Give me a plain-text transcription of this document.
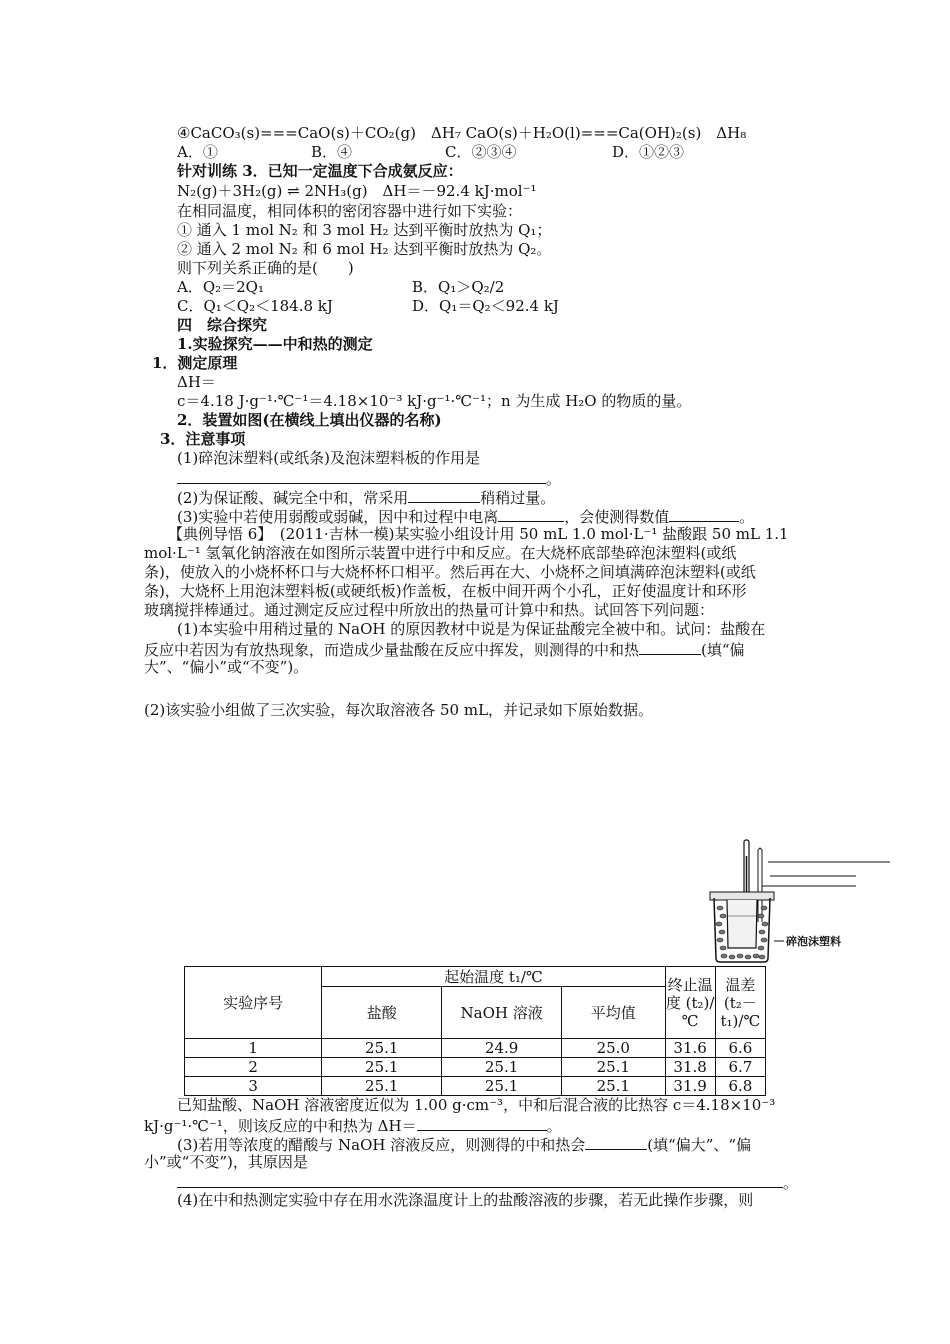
④CaCO₃(s)===CaO(s)＋CO₂(g)　ΔH₇ CaO(s)＋H₂O(l)===Ca(OH)₂(s)　ΔH₈
A．①	B．④	C．②③④	D．①②③
针对训练 3．已知一定温度下合成氨反应：
N₂(g)＋3H₂(g) ⇌ 2NH₃(g)　ΔH＝－92.4 kJ·mol⁻¹
在相同温度，相同体积的密闭容器中进行如下实验：
① 通入 1 mol N₂ 和 3 mol H₂ 达到平衡时放热为 Q₁；
② 通入 2 mol N₂ 和 6 mol H₂ 达到平衡时放热为 Q₂。
则下列关系正确的是(　　)
A．Q₂＝2Q₁	B．Q₁＞Q₂/2
C．Q₁＜Q₂＜184.8 kJ	D．Q₁＝Q₂＜92.4 kJ
四　综合探究
1.实验探究——中和热的测定
1．测定原理
ΔH＝
c＝4.18 J·g⁻¹·℃⁻¹＝4.18×10⁻³ kJ·g⁻¹·℃⁻¹；n 为生成 H₂O 的物质的量。
2．装置如图(在横线上填出仪器的名称)
3．注意事项
(1)碎泡沫塑料(或纸条)及泡沫塑料板的作用是
。
(2)为保证酸、碱完全中和，常采用	稍稍过量。
(3)实验中若使用弱酸或弱碱，因中和过程中电离	，会使测得数值	。
【典例导悟 6】　(2011·吉林一模)某实验小组设计用 50 mL 1.0 mol·L⁻¹ 盐酸跟 50 mL 1.1
mol·L⁻¹ 氢氧化钠溶液在如图所示装置中进行中和反应。在大烧杯底部垫碎泡沫塑料(或纸
条)，使放入的小烧杯杯口与大烧杯杯口相平。然后再在大、小烧杯之间填满碎泡沫塑料(或纸
条)，大烧杯上用泡沫塑料板(或硬纸板)作盖板，在板中间开两个小孔，正好使温度计和环形
玻璃搅拌棒通过。通过测定反应过程中所放出的热量可计算中和热。试回答下列问题：
(1)本实验中用稍过量的 NaOH 的原因教材中说是为保证盐酸完全被中和。试问：盐酸在
反应中若因为有放热现象，而造成少量盐酸在反应中挥发，则测得的中和热	(填“偏
大”、“偏小”或“不变”)。
(2)该实验小组做了三次实验，每次取溶液各 50 mL，并记录如下原始数据。
碎泡沫塑料
实验序号	起始温度 t₁/℃			终止温度 (t₂)/℃	温差 (t₂－t₁)/℃
	盐酸	NaOH 溶液	平均值		
1	25.1	24.9	25.0	31.6	6.6
2	25.1	25.1	25.1	31.8	6.7
3	25.1	25.1	25.1	31.9	6.8
已知盐酸、NaOH 溶液密度近似为 1.00 g·cm⁻³，中和后混合液的比热容 c＝4.18×10⁻³
kJ·g⁻¹·℃⁻¹，则该反应的中和热为 ΔH＝	。
(3)若用等浓度的醋酸与 NaOH 溶液反应，则测得的中和热会	(填“偏大”、“偏
小”或“不变”)，其原因是
。
(4)在中和热测定实验中存在用水洗涤温度计上的盐酸溶液的步骤，若无此操作步骤，则
